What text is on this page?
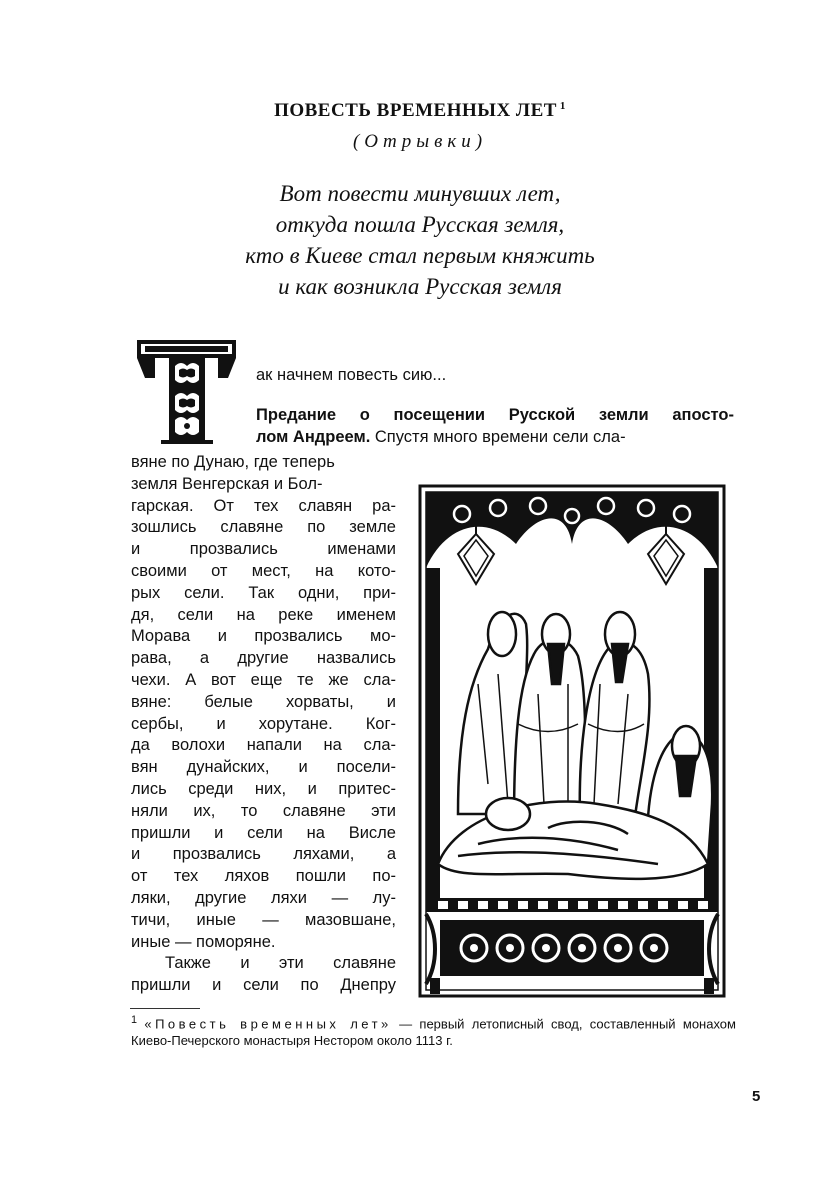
ПОВЕСТЬ ВРЕМЕННЫХ ЛЕТ $^1$
(Отрывки)
Вот повести минувших лет,
откуда пошла Русская земля,
кто в Киеве стал первым княжить
и как возникла Русская земля
ак начнем повесть сию...
Предание о посещении Русской земли апосто-
лом Андреем. Спустя много времени сели сла-
вяне по Дунаю, где теперь
земля Венгерская и Бол-
гарская. От тех славян ра-
зошлись славяне по земле
и прозвались именами
своими от мест, на кото-
рых сели. Так одни, при-
дя, сели на реке именем
Морава и прозвались мо-
рава, а другие назвались
чехи. А вот еще те же сла-
вяне: белые хорваты, и
сербы, и хорутане. Ког-
да волохи напали на сла-
вян дунайских, и посели-
лись среди них, и притес-
няли их, то славяне эти
пришли и сели на Висле
и прозвались ляхами, а
от тех ляхов пошли по-
ляки, другие ляхи — лу-
тичи, иные — мазовшане,
иные — поморяне.
Также и эти славяне
пришли и сели по Днепру
$^1$ «Повесть временных лет» — первый летописный свод, составленный монахом Киево-Печерского монастыря Нестором около 1113 г.
5
